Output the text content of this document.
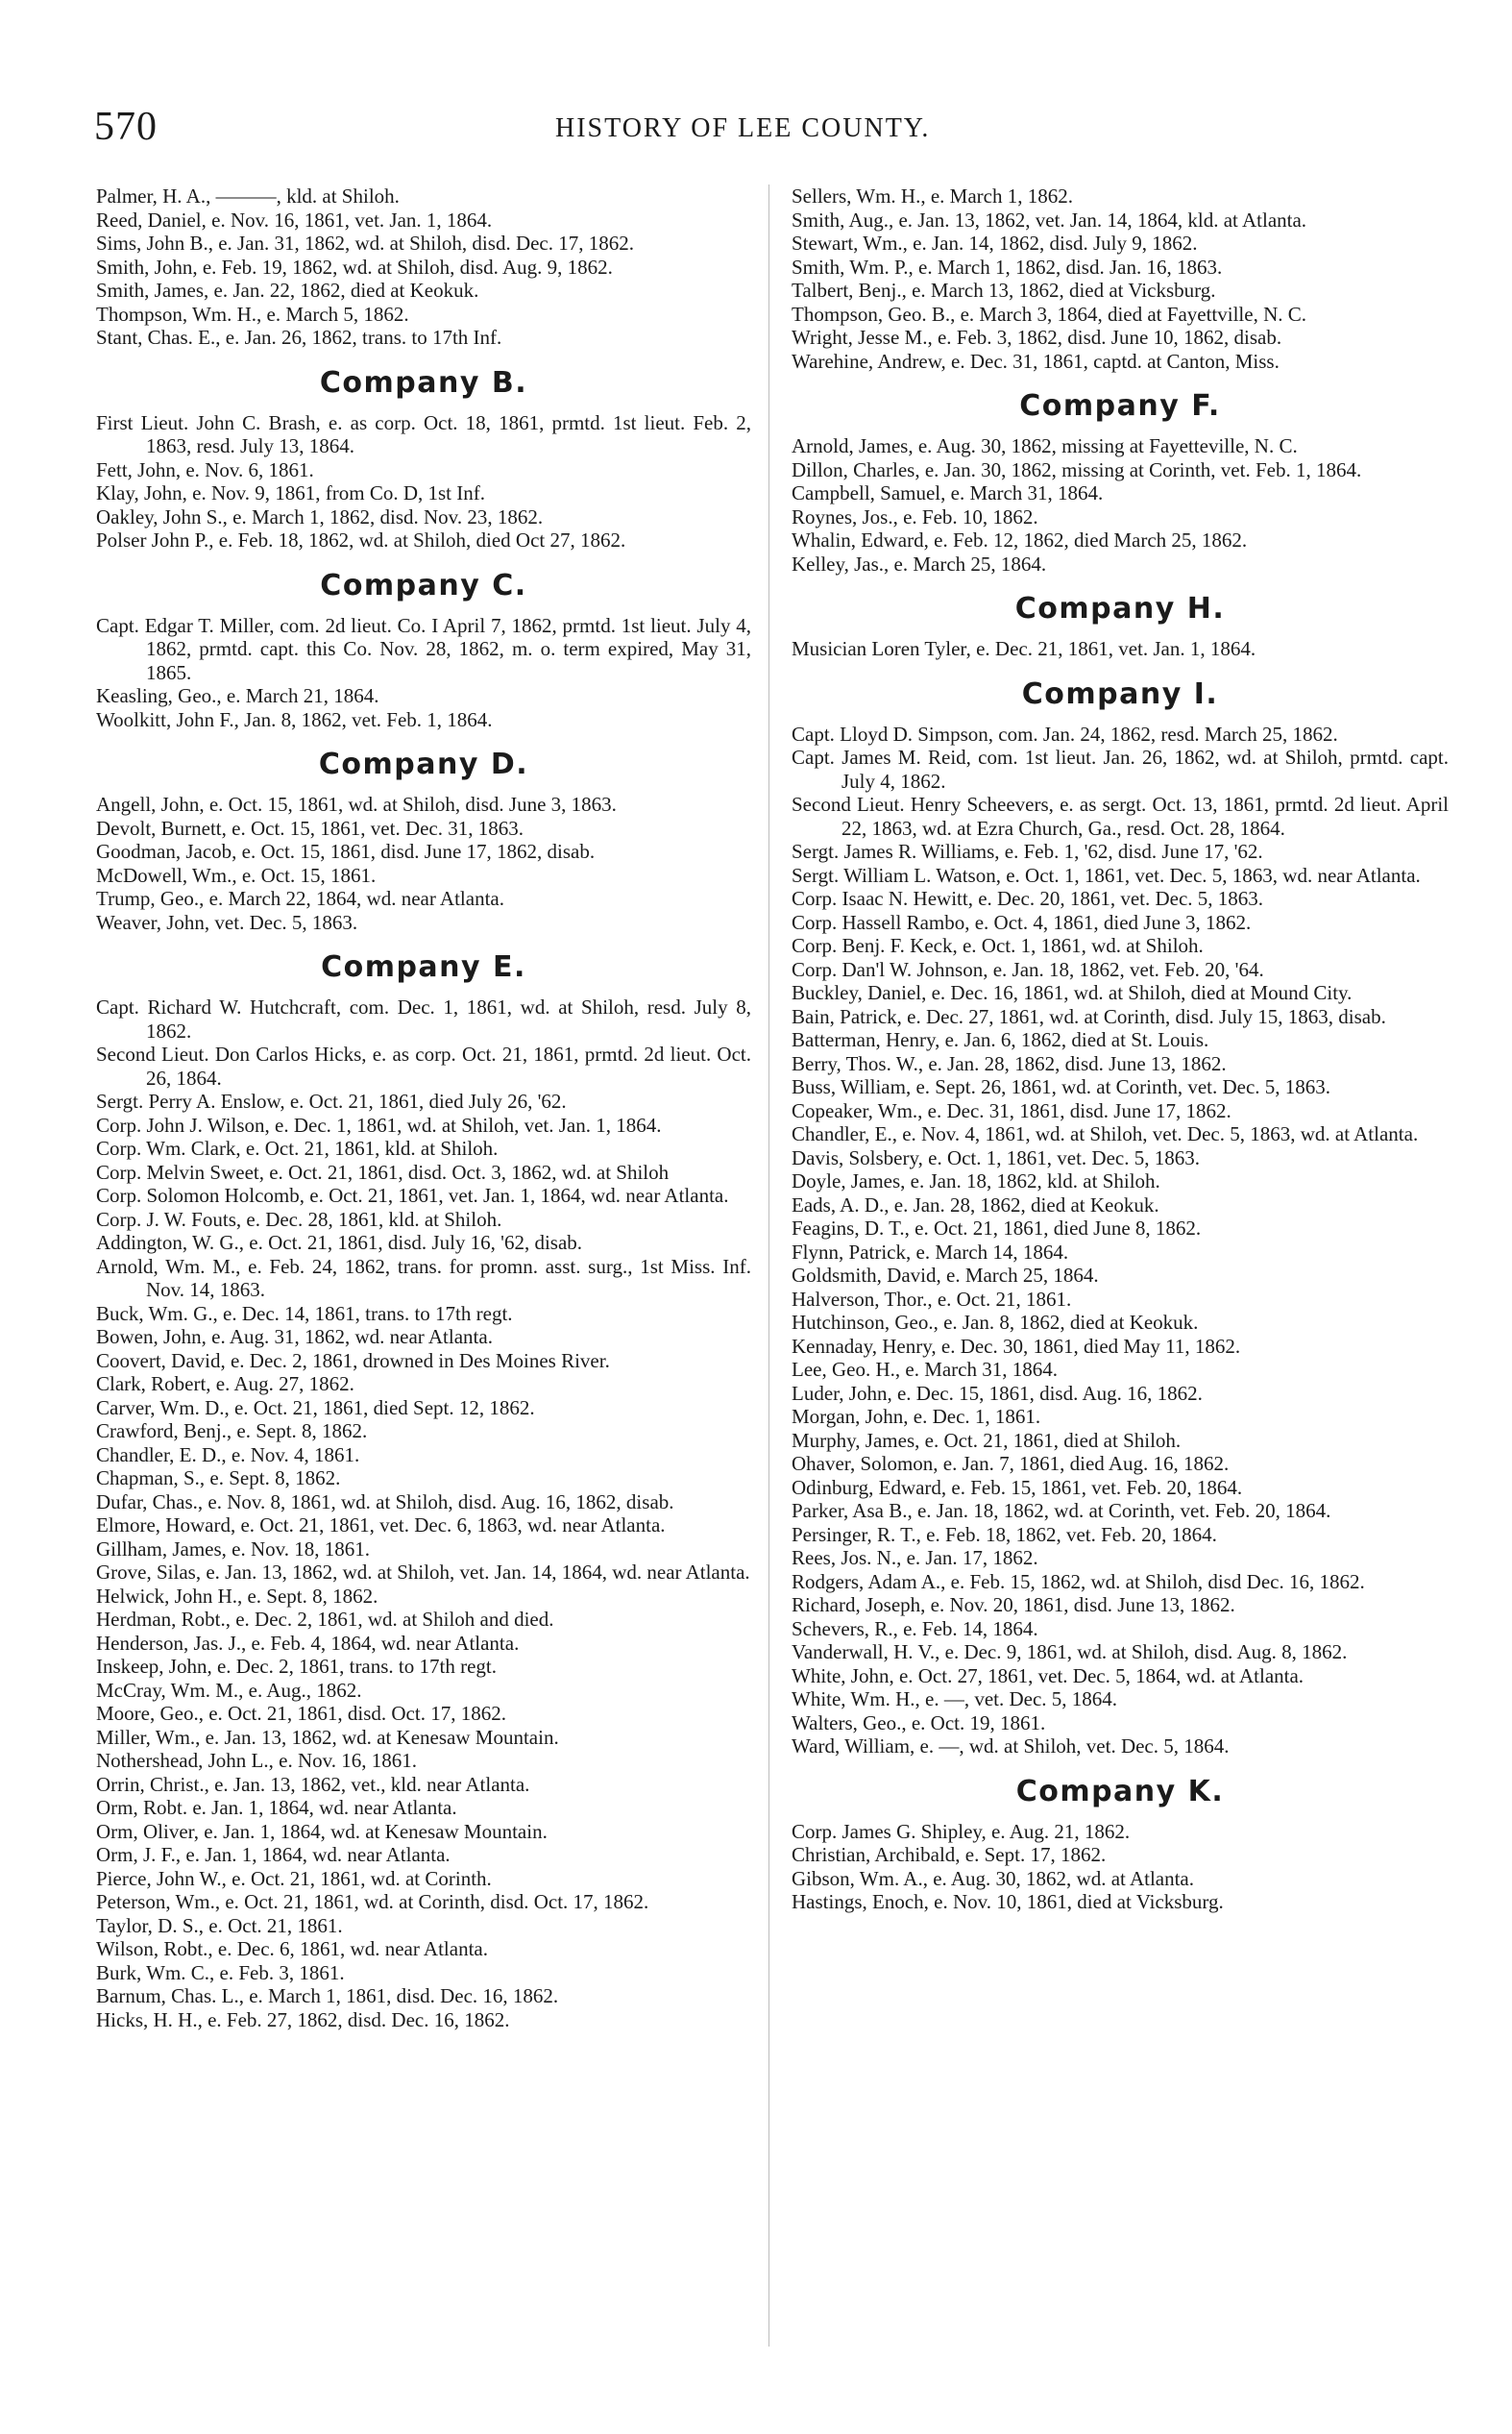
570	HISTORY OF LEE COUNTY.
Palmer, H. A., ———, kld. at Shiloh.
Reed, Daniel, e. Nov. 16, 1861, vet. Jan. 1, 1864.
Sims, John B., e. Jan. 31, 1862, wd. at Shiloh, disd. Dec. 17, 1862.
Smith, John, e. Feb. 19, 1862, wd. at Shiloh, disd. Aug. 9, 1862.
Smith, James, e. Jan. 22, 1862, died at Keokuk.
Thompson, Wm. H., e. March 5, 1862.
Stant, Chas. E., e. Jan. 26, 1862, trans. to 17th Inf.
Company B.
First Lieut. John C. Brash, e. as corp. Oct. 18, 1861, prmtd. 1st lieut. Feb. 2, 1863, resd. July 13, 1864.
Fett, John, e. Nov. 6, 1861.
Klay, John, e. Nov. 9, 1861, from Co. D, 1st Inf.
Oakley, John S., e. March 1, 1862, disd. Nov. 23, 1862.
Polser John P., e. Feb. 18, 1862, wd. at Shiloh, died Oct 27, 1862.
Company C.
Capt. Edgar T. Miller, com. 2d lieut. Co. I April 7, 1862, prmtd. 1st lieut. July 4, 1862, prmtd. capt. this Co. Nov. 28, 1862, m. o. term expired, May 31, 1865.
Keasling, Geo., e. March 21, 1864.
Woolkitt, John F., Jan. 8, 1862, vet. Feb. 1, 1864.
Company D.
Angell, John, e. Oct. 15, 1861, wd. at Shiloh, disd. June 3, 1863.
Devolt, Burnett, e. Oct. 15, 1861, vet. Dec. 31, 1863.
Goodman, Jacob, e. Oct. 15, 1861, disd. June 17, 1862, disab.
McDowell, Wm., e. Oct. 15, 1861.
Trump, Geo., e. March 22, 1864, wd. near Atlanta.
Weaver, John, vet. Dec. 5, 1863.
Company E.
Capt. Richard W. Hutchcraft, com. Dec. 1, 1861, wd. at Shiloh, resd. July 8, 1862.
Second Lieut. Don Carlos Hicks, e. as corp. Oct. 21, 1861, prmtd. 2d lieut. Oct. 26, 1864.
Sergt. Perry A. Enslow, e. Oct. 21, 1861, died July 26, '62.
Corp. John J. Wilson, e. Dec. 1, 1861, wd. at Shiloh, vet. Jan. 1, 1864.
Corp. Wm. Clark, e. Oct. 21, 1861, kld. at Shiloh.
Corp. Melvin Sweet, e. Oct. 21, 1861, disd. Oct. 3, 1862, wd. at Shiloh
Corp. Solomon Holcomb, e. Oct. 21, 1861, vet. Jan. 1, 1864, wd. near Atlanta.
Corp. J. W. Fouts, e. Dec. 28, 1861, kld. at Shiloh.
Addington, W. G., e. Oct. 21, 1861, disd. July 16, '62, disab.
Arnold, Wm. M., e. Feb. 24, 1862, trans. for promn. asst. surg., 1st Miss. Inf. Nov. 14, 1863.
Buck, Wm. G., e. Dec. 14, 1861, trans. to 17th regt.
Bowen, John, e. Aug. 31, 1862, wd. near Atlanta.
Coovert, David, e. Dec. 2, 1861, drowned in Des Moines River.
Clark, Robert, e. Aug. 27, 1862.
Carver, Wm. D., e. Oct. 21, 1861, died Sept. 12, 1862.
Crawford, Benj., e. Sept. 8, 1862.
Chandler, E. D., e. Nov. 4, 1861.
Chapman, S., e. Sept. 8, 1862.
Dufar, Chas., e. Nov. 8, 1861, wd. at Shiloh, disd. Aug. 16, 1862, disab.
Elmore, Howard, e. Oct. 21, 1861, vet. Dec. 6, 1863, wd. near Atlanta.
Gillham, James, e. Nov. 18, 1861.
Grove, Silas, e. Jan. 13, 1862, wd. at Shiloh, vet. Jan. 14, 1864, wd. near Atlanta.
Helwick, John H., e. Sept. 8, 1862.
Herdman, Robt., e. Dec. 2, 1861, wd. at Shiloh and died.
Henderson, Jas. J., e. Feb. 4, 1864, wd. near Atlanta.
Inskeep, John, e. Dec. 2, 1861, trans. to 17th regt.
McCray, Wm. M., e. Aug., 1862.
Moore, Geo., e. Oct. 21, 1861, disd. Oct. 17, 1862.
Miller, Wm., e. Jan. 13, 1862, wd. at Kenesaw Mountain.
Nothershead, John L., e. Nov. 16, 1861.
Orrin, Christ., e. Jan. 13, 1862, vet., kld. near Atlanta.
Orm, Robt. e. Jan. 1, 1864, wd. near Atlanta.
Orm, Oliver, e. Jan. 1, 1864, wd. at Kenesaw Mountain.
Orm, J. F., e. Jan. 1, 1864, wd. near Atlanta.
Pierce, John W., e. Oct. 21, 1861, wd. at Corinth.
Peterson, Wm., e. Oct. 21, 1861, wd. at Corinth, disd. Oct. 17, 1862.
Taylor, D. S., e. Oct. 21, 1861.
Wilson, Robt., e. Dec. 6, 1861, wd. near Atlanta.
Burk, Wm. C., e. Feb. 3, 1861.
Barnum, Chas. L., e. March 1, 1861, disd. Dec. 16, 1862.
Hicks, H. H., e. Feb. 27, 1862, disd. Dec. 16, 1862.
Sellers, Wm. H., e. March 1, 1862.
Smith, Aug., e. Jan. 13, 1862, vet. Jan. 14, 1864, kld. at Atlanta.
Stewart, Wm., e. Jan. 14, 1862, disd. July 9, 1862.
Smith, Wm. P., e. March 1, 1862, disd. Jan. 16, 1863.
Talbert, Benj., e. March 13, 1862, died at Vicksburg.
Thompson, Geo. B., e. March 3, 1864, died at Fayettville, N. C.
Wright, Jesse M., e. Feb. 3, 1862, disd. June 10, 1862, disab.
Warehine, Andrew, e. Dec. 31, 1861, captd. at Canton, Miss.
Company F.
Arnold, James, e. Aug. 30, 1862, missing at Fayetteville, N. C.
Dillon, Charles, e. Jan. 30, 1862, missing at Corinth, vet. Feb. 1, 1864.
Campbell, Samuel, e. March 31, 1864.
Roynes, Jos., e. Feb. 10, 1862.
Whalin, Edward, e. Feb. 12, 1862, died March 25, 1862.
Kelley, Jas., e. March 25, 1864.
Company H.
Musician Loren Tyler, e. Dec. 21, 1861, vet. Jan. 1, 1864.
Company I.
Capt. Lloyd D. Simpson, com. Jan. 24, 1862, resd. March 25, 1862.
Capt. James M. Reid, com. 1st lieut. Jan. 26, 1862, wd. at Shiloh, prmtd. capt. July 4, 1862.
Second Lieut. Henry Scheevers, e. as sergt. Oct. 13, 1861, prmtd. 2d lieut. April 22, 1863, wd. at Ezra Church, Ga., resd. Oct. 28, 1864.
Sergt. James R. Williams, e. Feb. 1, '62, disd. June 17, '62.
Sergt. William L. Watson, e. Oct. 1, 1861, vet. Dec. 5, 1863, wd. near Atlanta.
Corp. Isaac N. Hewitt, e. Dec. 20, 1861, vet. Dec. 5, 1863.
Corp. Hassell Rambo, e. Oct. 4, 1861, died June 3, 1862.
Corp. Benj. F. Keck, e. Oct. 1, 1861, wd. at Shiloh.
Corp. Dan'l W. Johnson, e. Jan. 18, 1862, vet. Feb. 20, '64.
Buckley, Daniel, e. Dec. 16, 1861, wd. at Shiloh, died at Mound City.
Bain, Patrick, e. Dec. 27, 1861, wd. at Corinth, disd. July 15, 1863, disab.
Batterman, Henry, e. Jan. 6, 1862, died at St. Louis.
Berry, Thos. W., e. Jan. 28, 1862, disd. June 13, 1862.
Buss, William, e. Sept. 26, 1861, wd. at Corinth, vet. Dec. 5, 1863.
Copeaker, Wm., e. Dec. 31, 1861, disd. June 17, 1862.
Chandler, E., e. Nov. 4, 1861, wd. at Shiloh, vet. Dec. 5, 1863, wd. at Atlanta.
Davis, Solsbery, e. Oct. 1, 1861, vet. Dec. 5, 1863.
Doyle, James, e. Jan. 18, 1862, kld. at Shiloh.
Eads, A. D., e. Jan. 28, 1862, died at Keokuk.
Feagins, D. T., e. Oct. 21, 1861, died June 8, 1862.
Flynn, Patrick, e. March 14, 1864.
Goldsmith, David, e. March 25, 1864.
Halverson, Thor., e. Oct. 21, 1861.
Hutchinson, Geo., e. Jan. 8, 1862, died at Keokuk.
Kennaday, Henry, e. Dec. 30, 1861, died May 11, 1862.
Lee, Geo. H., e. March 31, 1864.
Luder, John, e. Dec. 15, 1861, disd. Aug. 16, 1862.
Morgan, John, e. Dec. 1, 1861.
Murphy, James, e. Oct. 21, 1861, died at Shiloh.
Ohaver, Solomon, e. Jan. 7, 1861, died Aug. 16, 1862.
Odinburg, Edward, e. Feb. 15, 1861, vet. Feb. 20, 1864.
Parker, Asa B., e. Jan. 18, 1862, wd. at Corinth, vet. Feb. 20, 1864.
Persinger, R. T., e. Feb. 18, 1862, vet. Feb. 20, 1864.
Rees, Jos. N., e. Jan. 17, 1862.
Rodgers, Adam A., e. Feb. 15, 1862, wd. at Shiloh, disd Dec. 16, 1862.
Richard, Joseph, e. Nov. 20, 1861, disd. June 13, 1862.
Schevers, R., e. Feb. 14, 1864.
Vanderwall, H. V., e. Dec. 9, 1861, wd. at Shiloh, disd. Aug. 8, 1862.
White, John, e. Oct. 27, 1861, vet. Dec. 5, 1864, wd. at Atlanta.
White, Wm. H., e. —, vet. Dec. 5, 1864.
Walters, Geo., e. Oct. 19, 1861.
Ward, William, e. —, wd. at Shiloh, vet. Dec. 5, 1864.
Company K.
Corp. James G. Shipley, e. Aug. 21, 1862.
Christian, Archibald, e. Sept. 17, 1862.
Gibson, Wm. A., e. Aug. 30, 1862, wd. at Atlanta.
Hastings, Enoch, e. Nov. 10, 1861, died at Vicksburg.
